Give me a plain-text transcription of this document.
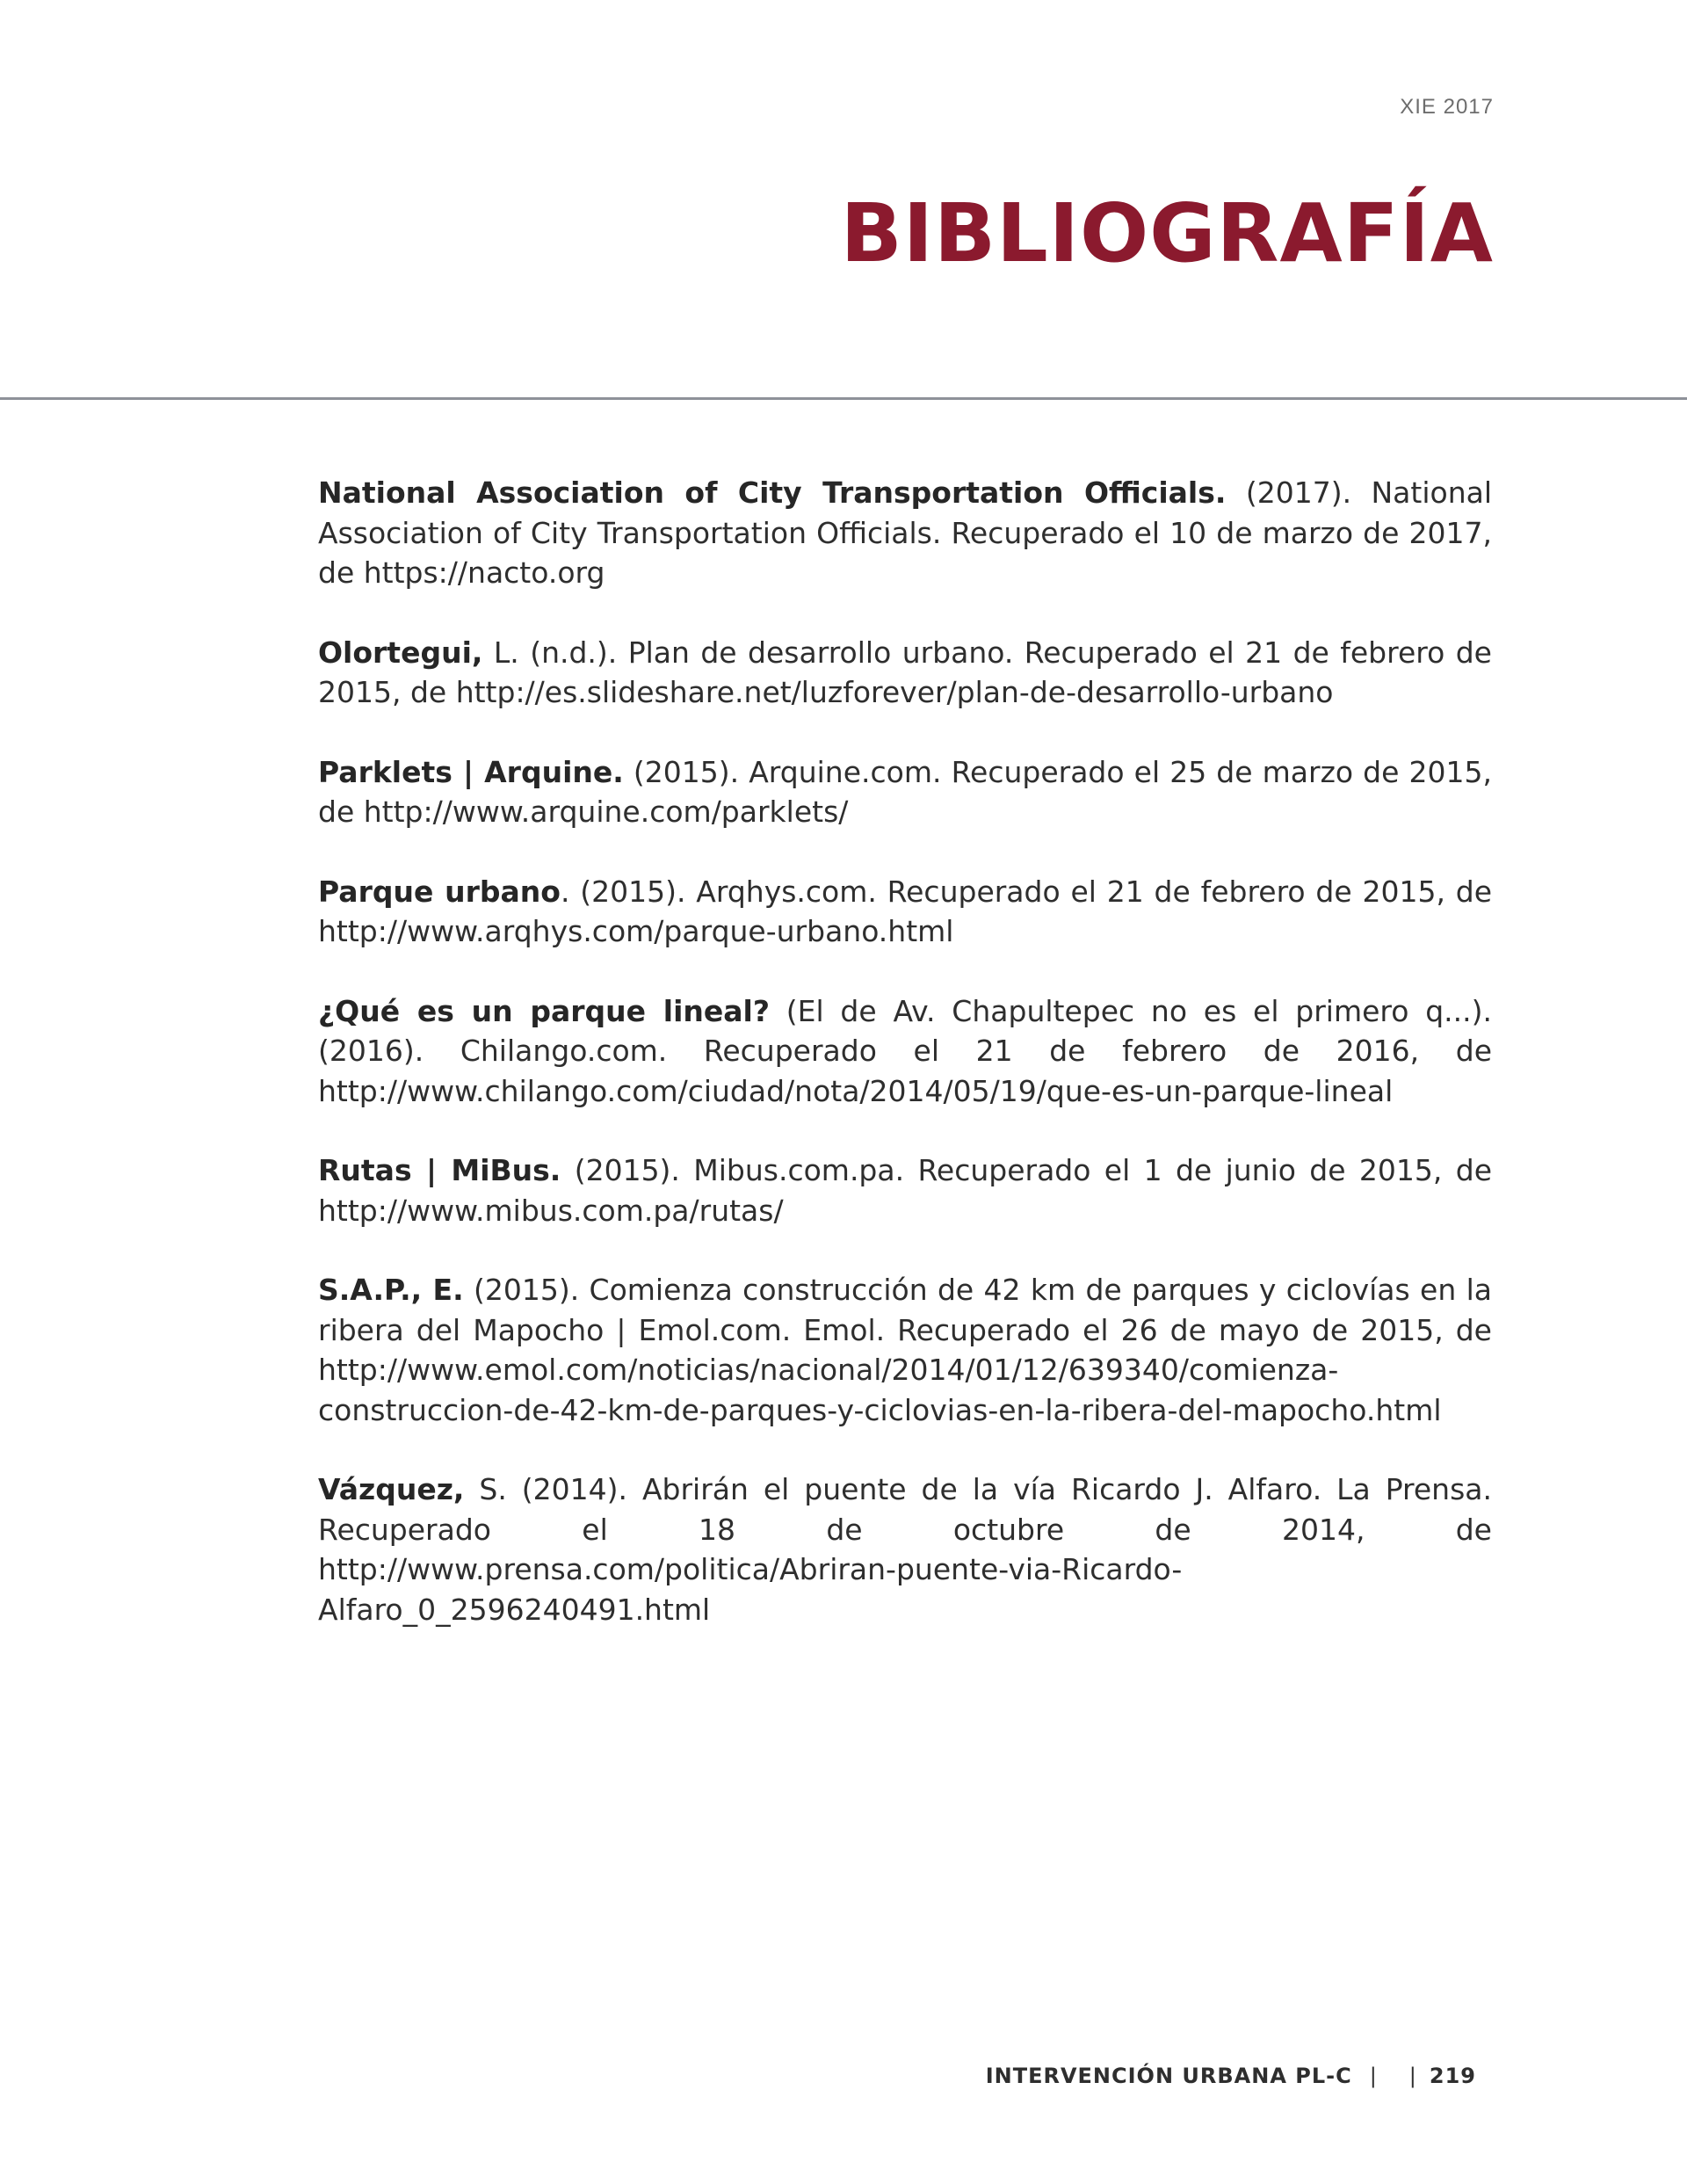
XIE 2017
BIBLIOGRAFÍA
National Association of City Transportation Officials. (2017). National Association of City Transportation Officials. Recuperado el 10 de marzo de 2017, de https://nacto.org
Olortegui, L. (n.d.). Plan de desarrollo urbano. Recuperado el 21 de febrero de 2015, de http://es.slideshare.net/luzforever/plan-de-desarrollo-urbano
Parklets | Arquine. (2015). Arquine.com. Recuperado el 25 de marzo de 2015, de http://www.arquine.com/parklets/
Parque urbano. (2015). Arqhys.com. Recuperado el 21 de febrero de 2015, de http://www.arqhys.com/parque-urbano.html
¿Qué es un parque lineal? (El de Av. Chapultepec no es el primero q...). (2016). Chilango.com. Recuperado el 21 de febrero de 2016, de http://www.chilango.com/ciudad/nota/2014/05/19/que-es-un-parque-lineal
Rutas | MiBus. (2015). Mibus.com.pa. Recuperado el 1 de junio de 2015, de http://www.mibus.com.pa/rutas/
S.A.P., E. (2015). Comienza construcción de 42 km de parques y ciclovías en la ribera del Mapocho | Emol.com. Emol. Recuperado el 26 de mayo de 2015, de http://www.emol.com/noticias/nacional/2014/01/12/639340/comienza-construccion-de-42-km-de-parques-y-ciclovias-en-la-ribera-del-mapocho.html
Vázquez, S. (2014). Abrirán el puente de la vía Ricardo J. Alfaro. La Prensa. Recuperado el 18 de octubre de 2014, de http://www.prensa.com/politica/Abriran-puente-via-Ricardo-Alfaro_0_2596240491.html
INTERVENCIÓN URBANA PL-C | | 219
